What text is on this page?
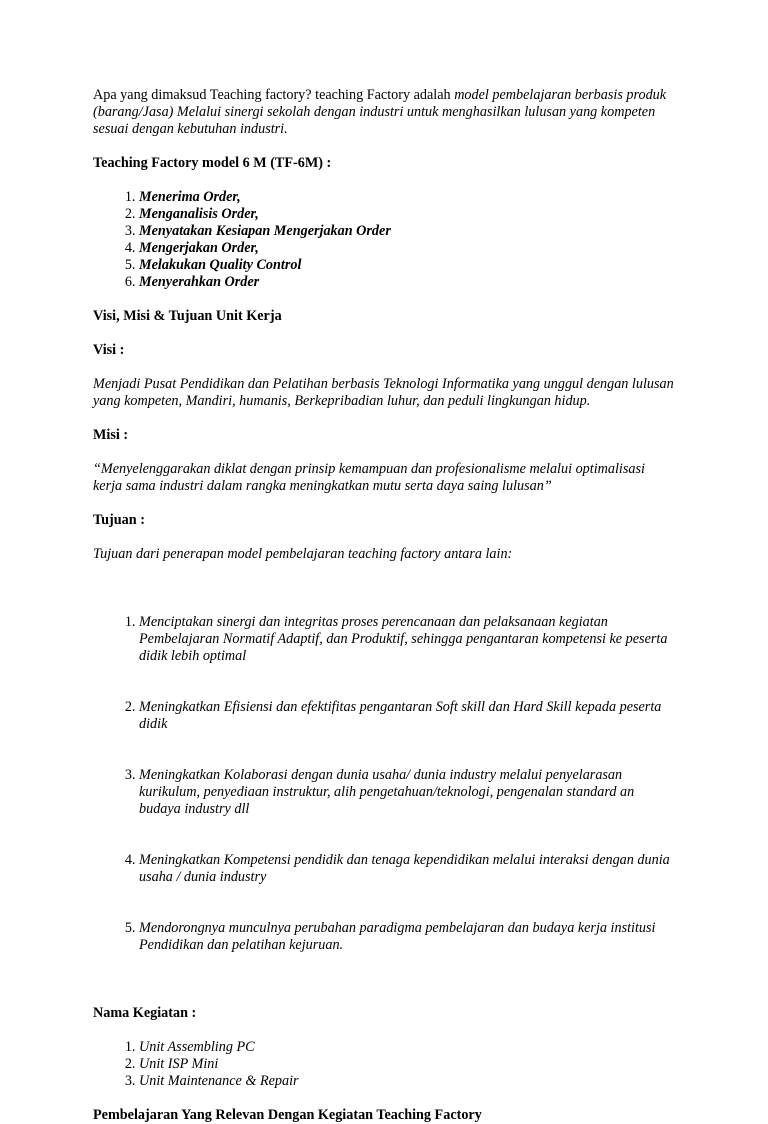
Apa yang dimaksud Teaching factory? teaching Factory adalah model pembelajaran berbasis produk (barang/Jasa) Melalui sinergi sekolah dengan industri untuk menghasilkan lulusan yang kompeten sesuai dengan kebutuhan industri.

Teaching Factory model 6 M (TF-6M) :

1. Menerima Order,
2. Menganalisis Order,
3. Menyatakan Kesiapan Mengerjakan Order
4. Mengerjakan Order,
5. Melakukan Quality Control
6. Menyerahkan Order

Visi, Misi & Tujuan Unit Kerja

Visi :

Menjadi Pusat Pendidikan dan Pelatihan berbasis Teknologi Informatika yang unggul dengan lulusan yang kompeten, Mandiri, humanis, Berkepribadian luhur, dan peduli lingkungan hidup.

Misi :

“Menyelenggarakan diklat dengan prinsip kemampuan dan profesionalisme melalui optimalisasi kerja sama industri dalam rangka meningkatkan mutu serta daya saing lulusan”

Tujuan :

Tujuan dari penerapan model pembelajaran teaching factory antara lain:

1. Menciptakan sinergi dan integritas proses perencanaan dan pelaksanaan kegiatan Pembelajaran Normatif Adaptif, dan Produktif, sehingga pengantaran kompetensi ke peserta     didik lebih optimal

2. Meningkatkan Efisiensi dan efektifitas pengantaran Soft skill dan Hard Skill kepada peserta didik

3. Meningkatkan Kolaborasi dengan dunia usaha/ dunia industry melalui penyelarasan kurikulum, penyediaan instruktur, alih pengetahuan/teknologi, pengenalan standard an budaya industry dll

4. Meningkatkan Kompetensi pendidik dan tenaga kependidikan melalui interaksi dengan dunia usaha / dunia industry

5. Mendorongnya munculnya perubahan paradigma pembelajaran dan budaya kerja institusi Pendidikan dan pelatihan kejuruan.

Nama Kegiatan :

1. Unit Assembling PC
2. Unit ISP Mini
3. Unit Maintenance & Repair

Pembelajaran Yang Relevan Dengan Kegiatan Teaching Factory
